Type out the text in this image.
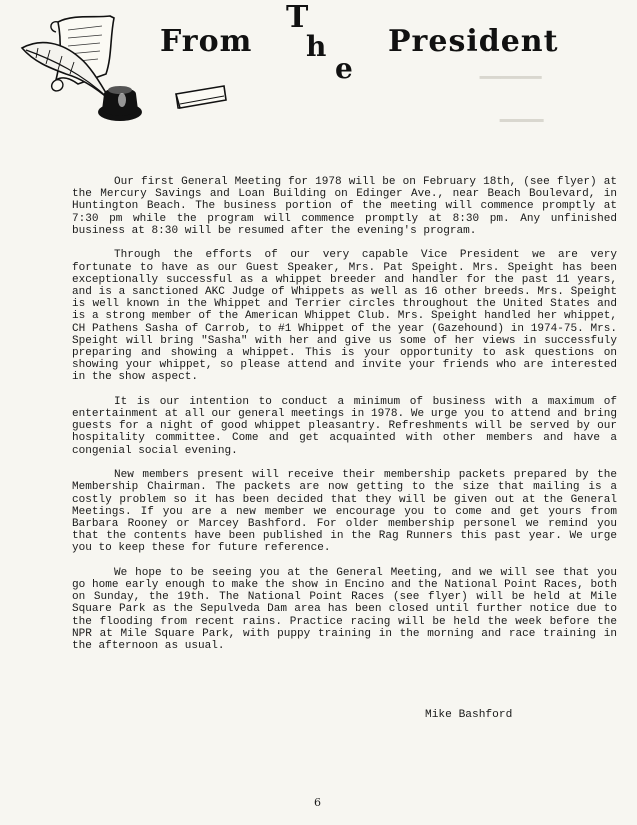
───
──
From
T
h
e
President

Our first General Meeting for 1978 will be on February 18th, (see flyer) at the Mercury Savings and Loan Building on Edinger Ave., near Beach Boulevard, in Huntington Beach. The business portion of the meeting will commence promptly at 7:30 pm while the program will commence promptly at 8:30 pm. Any unfinished business at 8:30 will be resumed after the evening's program.

Through the efforts of our very capable Vice President we are very fortunate to have as our Guest Speaker, Mrs. Pat Speight. Mrs. Speight has been exceptionally successful as a whippet breeder and handler for the past 11 years, and is a sanctioned AKC Judge of Whippets as well as 16 other breeds. Mrs. Speight is well known in the Whippet and Terrier circles throughout the United States and is a strong member of the American Whippet Club. Mrs. Speight handled her whippet, CH Pathens Sasha of Carrob, to #1 Whippet of the year (Gazehound) in 1974-75. Mrs. Speight will bring "Sasha" with her and give us some of her views in successfuly preparing and showing a whippet. This is your opportunity to ask questions on showing your whippet, so please attend and invite your friends who are interested in the show aspect.

It is our intention to conduct a minimum of business with a maximum of entertainment at all our general meetings in 1978. We urge you to attend and bring guests for a night of good whippet pleasantry. Refreshments will be served by our hospitality committee. Come and get acquainted with other members and have a congenial social evening.

New members present will receive their membership packets prepared by the Membership Chairman. The packets are now getting to the size that mailing is a costly problem so it has been decided that they will be given out at the General Meetings. If you are a new member we encourage you to come and get yours from Barbara Rooney or Marcey Bashford. For older membership personel we remind you that the contents have been published in the Rag Runners this past year. We urge you to keep these for future reference.

We hope to be seeing you at the General Meeting, and we will see that you go home early enough to make the show in Encino and the National Point Races, both on Sunday, the 19th. The National Point Races (see flyer) will be held at Mile Square Park as the Sepulveda Dam area has been closed until further notice due to the flooding from recent rains. Practice racing will be held the week before the NPR at Mile Square Park, with puppy training in the morning and race training in the afternoon as usual.

Mike Bashford
6
